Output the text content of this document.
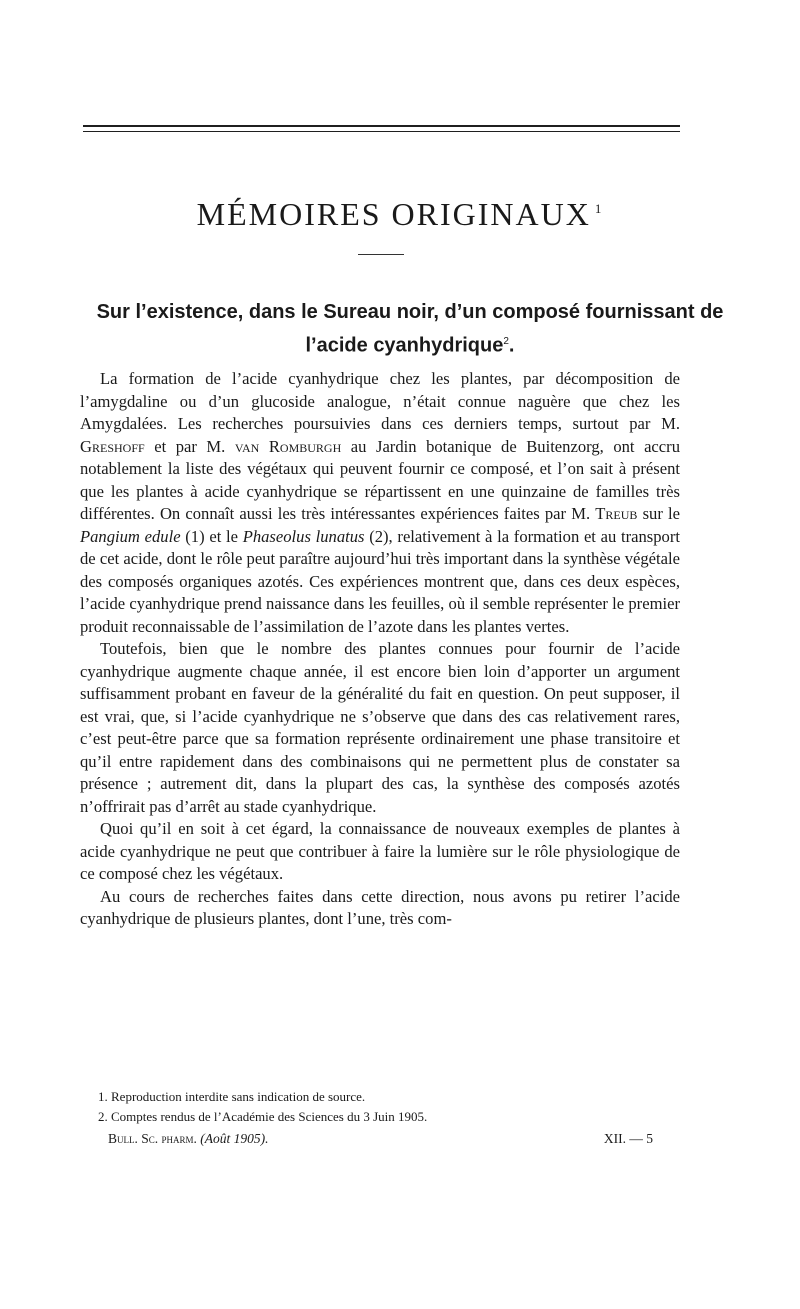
MÉMOIRES ORIGINAUX $^1$
Sur l’existence, dans le Sureau noir, d’un composé fournissant de l’acide cyanhydrique$^2$.

La formation de l’acide cyanhydrique chez les plantes, par décomposition de l’amygdaline ou d’un glucoside analogue, n’était connue naguère que chez les Amygdalées. Les recherches poursuivies dans ces derniers temps, surtout par M. Greshoff et par M. van Romburgh au Jardin botanique de Buitenzorg, ont accru notablement la liste des végétaux qui peuvent fournir ce composé, et l’on sait à présent que les plantes à acide cyanhydrique se répartissent en une quinzaine de familles très différentes. On connaît aussi les très intéressantes expériences faites par M. Treub sur le Pangium edule (1) et le Phaseolus lunatus (2), relativement à la formation et au transport de cet acide, dont le rôle peut paraître aujourd’hui très important dans la synthèse végétale des composés organiques azotés. Ces expériences montrent que, dans ces deux espèces, l’acide cyanhydrique prend naissance dans les feuilles, où il semble représenter le premier produit reconnaissable de l’assimilation de l’azote dans les plantes vertes.

Toutefois, bien que le nombre des plantes connues pour fournir de l’acide cyanhydrique augmente chaque année, il est encore bien loin d’apporter un argument suffisamment probant en faveur de la généralité du fait en question. On peut supposer, il est vrai, que, si l’acide cyanhydrique ne s’observe que dans des cas relativement rares, c’est peut-être parce que sa formation représente ordinairement une phase transitoire et qu’il entre rapidement dans des combinaisons qui ne permettent plus de constater sa présence ; autrement dit, dans la plupart des cas, la synthèse des composés azotés n’offrirait pas d’arrêt au stade cyanhydrique.

Quoi qu’il en soit à cet égard, la connaissance de nouveaux exemples de plantes à acide cyanhydrique ne peut que contribuer à faire la lumière sur le rôle physiologique de ce composé chez les végétaux.

Au cours de recherches faites dans cette direction, nous avons pu retirer l’acide cyanhydrique de plusieurs plantes, dont l’une, très com-

1. Reproduction interdite sans indication de source.
2. Comptes rendus de l’Académie des Sciences du 3 Juin 1905.
Bull. Sc. pharm. (Août 1905).	XII. — 5
